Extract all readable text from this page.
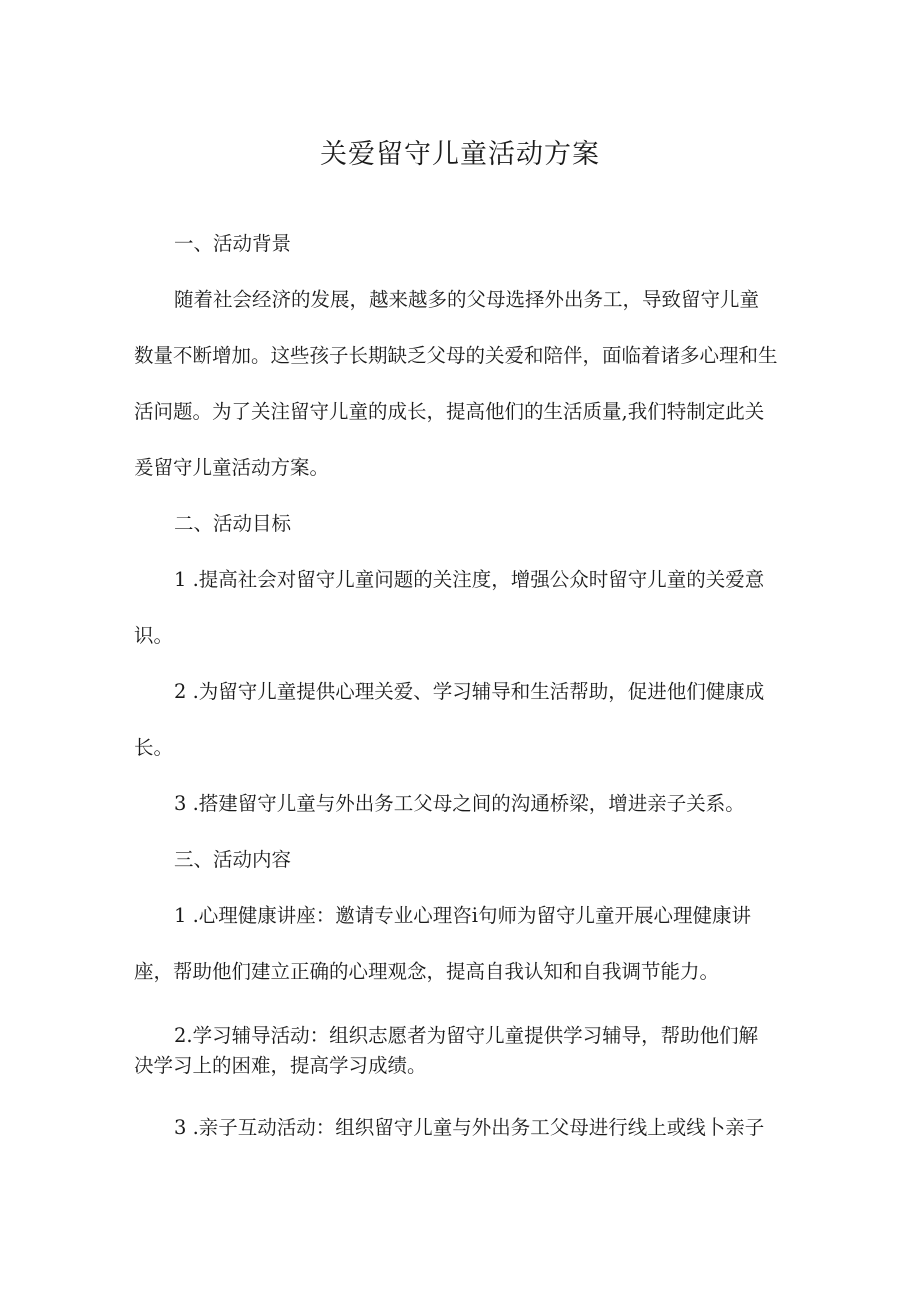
关爱留守儿童活动方案
一、活动背景
随着社会经济的发展，越来越多的父母选择外出务工，导致留守儿童
数量不断增加。这些孩子长期缺乏父母的关爱和陪伴，面临着诸多心理和生
活问题。为了关注留守儿童的成长，提高他们的生活质量,我们特制定此关
爰留守儿童活动方案。
二、活动目标
1 .提高社会对留守儿童问题的关注度，增强公众时留守儿童的关爱意
识。
2 .为留守儿童提供心理关爱、学习辅导和生活帮助，促进他们健康成
长。
3 .搭建留守儿童与外出务工父母之间的沟通桥梁，增进亲子关系。
三、活动内容
1 .心理健康讲座：邀请专业心理咨i句师为留守儿童开展心理健康讲
座，帮助他们建立正确的心理观念，提高自我认知和自我调节能力。
2.学习辅导活动：组织志愿者为留守儿童提供学习辅导，帮助他们解
决学习上的困难，提高学习成绩。
3 .亲子互动活动：组织留守儿童与外出务工父母进行线上或线卜亲子
